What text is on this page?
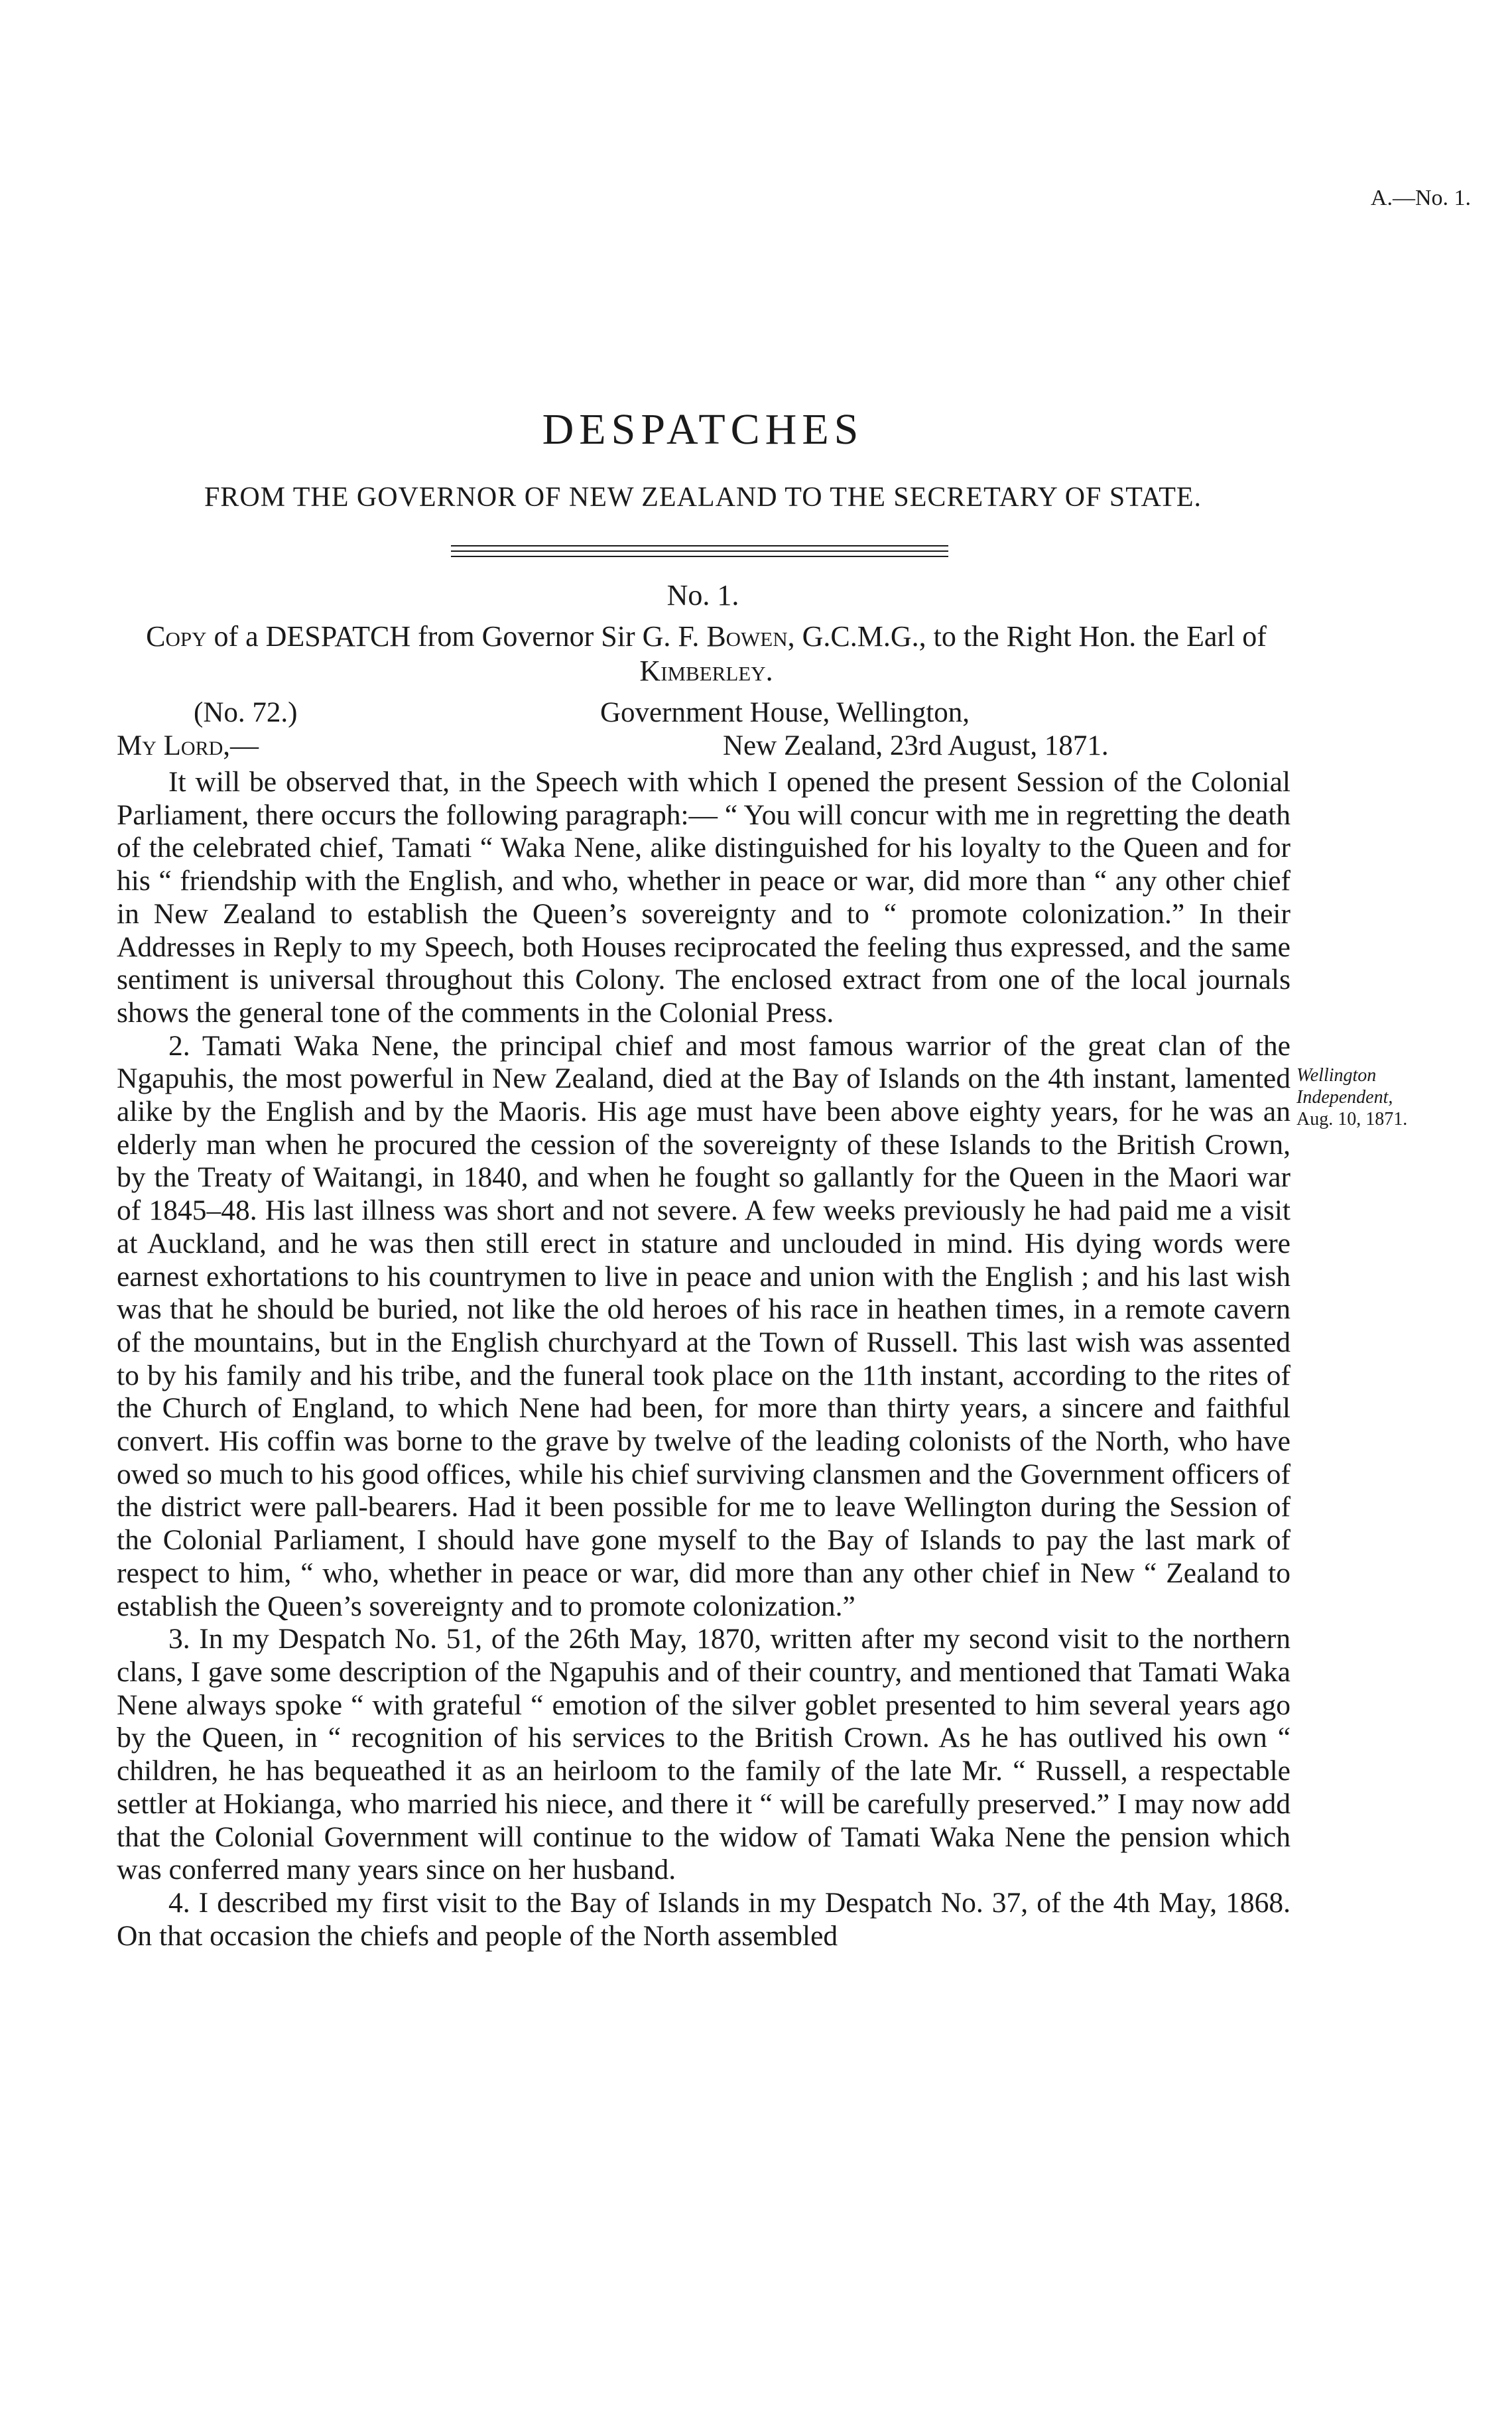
A.—No. 1.
DESPATCHES
FROM THE GOVERNOR OF NEW ZEALAND TO THE SECRETARY OF STATE.
No. 1.
Copy of a DESPATCH from Governor Sir G. F. Bowen, G.C.M.G., to the Right Hon. the Earl of Kimberley.
(No. 72.)	Government House, Wellington,
My Lord,—	New Zealand, 23rd August, 1871.

It will be observed that, in the Speech with which I opened the present Session of the Colonial Parliament, there occurs the following paragraph:— “ You will concur with me in regretting the death of the celebrated chief, Tamati “ Waka Nene, alike distinguished for his loyalty to the Queen and for his “ friendship with the English, and who, whether in peace or war, did more than “ any other chief in New Zealand to establish the Queen’s sovereignty and to “ promote colonization.” In their Addresses in Reply to my Speech, both Houses reciprocated the feeling thus expressed, and the same sentiment is universal throughout this Colony. The enclosed extract from one of the local journals shows the general tone of the comments in the Colonial Press.

2. Tamati Waka Nene, the principal chief and most famous warrior of the great clan of the Ngapuhis, the most powerful in New Zealand, died at the Bay of Islands on the 4th instant, lamented alike by the English and by the Maoris. His age must have been above eighty years, for he was an elderly man when he procured the cession of the sovereignty of these Islands to the British Crown, by the Treaty of Waitangi, in 1840, and when he fought so gallantly for the Queen in the Maori war of 1845–48. His last illness was short and not severe. A few weeks previously he had paid me a visit at Auckland, and he was then still erect in stature and unclouded in mind. His dying words were earnest exhortations to his countrymen to live in peace and union with the English ; and his last wish was that he should be buried, not like the old heroes of his race in heathen times, in a remote cavern of the mountains, but in the English churchyard at the Town of Russell. This last wish was assented to by his family and his tribe, and the funeral took place on the 11th instant, according to the rites of the Church of England, to which Nene had been, for more than thirty years, a sincere and faithful convert. His coffin was borne to the grave by twelve of the leading colonists of the North, who have owed so much to his good offices, while his chief surviving clansmen and the Government officers of the district were pall-bearers. Had it been possible for me to leave Wellington during the Session of the Colonial Parliament, I should have gone myself to the Bay of Islands to pay the last mark of respect to him, “ who, whether in peace or war, did more than any other chief in New “ Zealand to establish the Queen’s sovereignty and to promote colonization.”

3. In my Despatch No. 51, of the 26th May, 1870, written after my second visit to the northern clans, I gave some description of the Ngapuhis and of their country, and mentioned that Tamati Waka Nene always spoke “ with grateful “ emotion of the silver goblet presented to him several years ago by the Queen, in “ recognition of his services to the British Crown. As he has outlived his own “ children, he has bequeathed it as an heirloom to the family of the late Mr. “ Russell, a respectable settler at Hokianga, who married his niece, and there it “ will be carefully preserved.” I may now add that the Colonial Government will continue to the widow of Tamati Waka Nene the pension which was conferred many years since on her husband.

4. I described my first visit to the Bay of Islands in my Despatch No. 37, of the 4th May, 1868. On that occasion the chiefs and people of the North assembled

Wellington
Independent,
Aug. 10, 1871.
